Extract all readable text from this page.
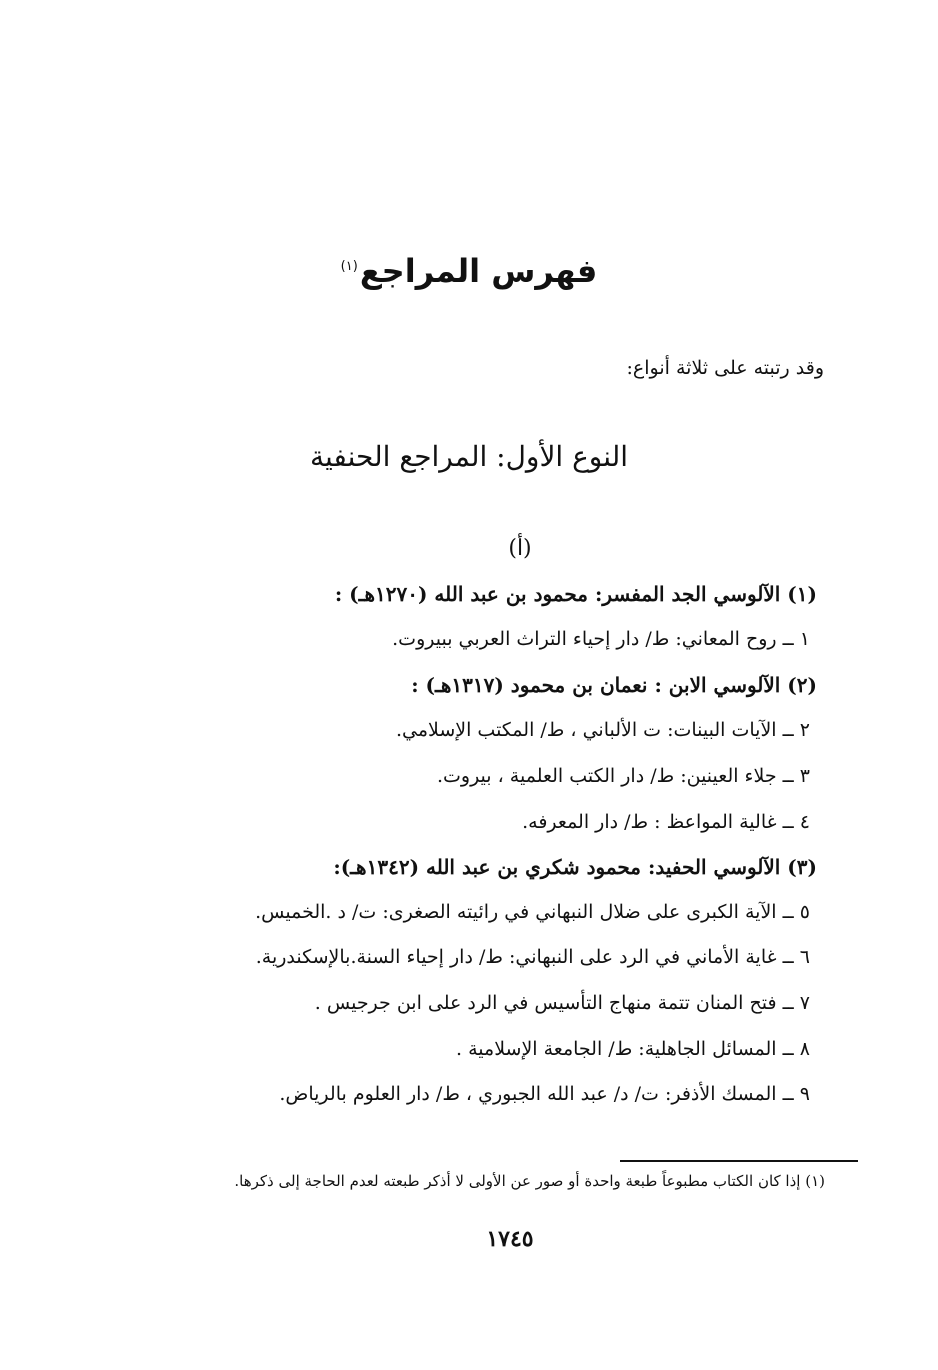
فهرس المراجع$^{(١)}$
وقد رتبته على ثلاثة أنواع:
النوع الأول: المراجع الحنفية
(أ)
(١) الآلوسي الجد المفسر: محمود بن عبد الله (١٢٧٠هـ) :
١ ــ روح المعاني: ط/ دار إحياء التراث العربي ببيروت.
(٢) الآلوسي الابن : نعمان بن محمود (١٣١٧هـ) :
٢ ــ الآيات البينات: ت الألباني ، ط/ المكتب الإسلامي.
٣ ــ جلاء العينين: ط/ دار الكتب العلمية ، بيروت.
٤ ــ غالية المواعظ : ط/ دار المعرفه.
(٣) الآلوسي الحفيد: محمود شكري بن عبد الله (١٣٤٢هـ):
٥ ــ الآية الكبرى على ضلال النبهاني في رائيته الصغرى: ت/ د .الخميس.
٦ ــ غاية الأماني في الرد على النبهاني: ط/ دار إحياء السنة.بالإسكندرية.
٧ ــ فتح المنان تتمة منهاج التأسيس في الرد على ابن جرجيس .
٨ ــ المسائل الجاهلية: ط/ الجامعة الإسلامية .
٩ ــ المسك الأذفر: ت/ د/ عبد الله الجبوري ، ط/ دار العلوم بالرياض.
(١) إذا كان الكتاب مطبوعاً طبعة واحدة أو صور عن الأولى لا أذكر طبعته لعدم الحاجة إلى ذكرها.
١٧٤٥
